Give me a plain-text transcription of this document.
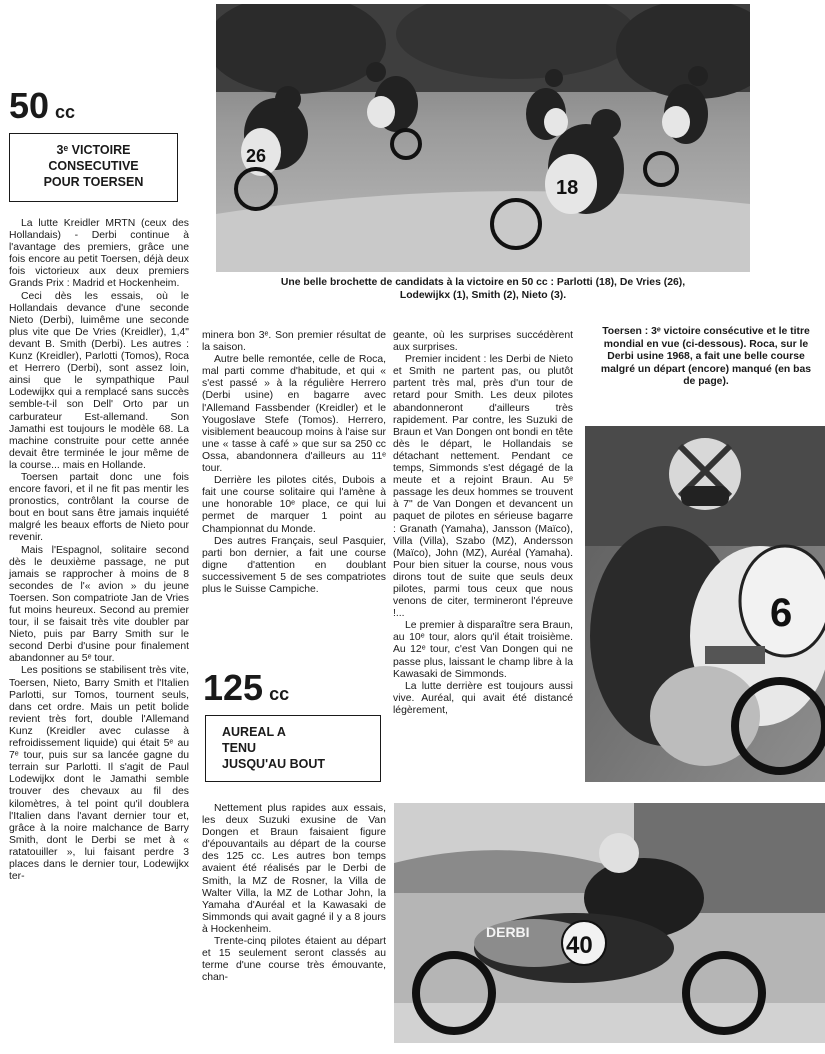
50 cc
3ᵉ VICTOIRE
CONSECUTIVE
POUR TOERSEN

La lutte Kreidler MRTN (ceux des Hollandais) - Derbi continue à l'avantage des premiers, grâce une fois encore au petit Toersen, déjà deux fois victorieux aux deux premiers Grands Prix : Madrid et Hockenheim.

Ceci dès les essais, où le Hollandais devance d'une seconde Nieto (Derbi), luimême une seconde plus vite que De Vries (Kreidler), 1,4" devant B. Smith (Derbi). Les autres : Kunz (Kreidler), Parlotti (Tomos), Roca et Herrero (Derbi), sont assez loin, ainsi que le sympathique Paul Lodewijkx qui a remplacé sans succès semble-t-il son Dell' Orto par un carburateur Est-allemand. Son Jamathi est toujours le modèle 68. La machine construite pour cette année devait être terminée le jour même de la course... mais en Hollande.

Toersen partait donc une fois encore favori, et il ne fit pas mentir les pronostics, contrôlant la course de bout en bout sans être jamais inquiété malgré les beaux efforts de Nieto pour revenir.

Mais l'Espagnol, solitaire second dès le deuxième passage, ne put jamais se rapprocher à moins de 8 secondes de l'« avion » du jeune Toersen. Son compatriote Jan de Vries fut moins heureux. Second au premier tour, il se faisait très vite doubler par Nieto, puis par Barry Smith sur le second Derbi d'usine pour finalement abandonner au 5ᵉ tour.

Les positions se stabilisent très vite, Toersen, Nieto, Barry Smith et l'Italien Parlotti, sur Tomos, tournent seuls, dans cet ordre. Mais un petit bolide revient très fort, double l'Allemand Kunz (Kreidler avec culasse à refroidissement liquide) qui était 5ᵉ au 7ᵉ tour, puis sur sa lancée gagne du terrain sur Parlotti. Il s'agit de Paul Lodewijkx dont le Jamathi semble trouver des chevaux au fil des kilomètres, à tel point qu'il doublera l'Italien dans l'avant dernier tour et, grâce à la noire malchance de Barry Smith, dont le Derbi se met à « ratatouiller », lui faisant perdre 3 places dans le dernier tour, Lodewijkx ter-

26
18
Une belle brochette de candidats à la victoire en 50 cc : Parlotti (18), De Vries (26), Lodewijkx (1), Smith (2), Nieto (3).

minera bon 3ᵉ. Son premier résultat de la saison.

Autre belle remontée, celle de Roca, mal parti comme d'habitude, et qui « s'est passé » à la régulière Herrero (Derbi usine) en bagarre avec l'Allemand Fassbender (Kreidler) et le Yougoslave Stefe (Tomos). Herrero, visiblement beaucoup moins à l'aise sur une « tasse à café » que sur sa 250 cc Ossa, abandonnera d'ailleurs au 11ᵉ tour.

Derrière les pilotes cités, Dubois a fait une course solitaire qui l'amène à une honorable 10ᵉ place, ce qui lui permet de marquer 1 point au Championnat du Monde.

Des autres Français, seul Pasquier, parti bon dernier, a fait une course digne d'attention en doublant successivement 5 de ses compatriotes plus le Suisse Campiche.

125 cc
AUREAL A
TENU
JUSQU'AU BOUT

Nettement plus rapides aux essais, les deux Suzuki exusine de Van Dongen et Braun faisaient figure d'épouvantails au départ de la course des 125 cc. Les autres bon temps avaient été réalisés par le Derbi de Smith, la MZ de Rosner, la Villa de Walter Villa, la MZ de Lothar John, la Yamaha d'Auréal et la Kawasaki de Simmonds qui avait gagné il y a 8 jours à Hockenheim.

Trente-cinq pilotes étaient au départ et 15 seulement seront classés au terme d'une course très émouvante, chan-

geante, où les surprises succédèrent aux surprises.

Premier incident : les Derbi de Nieto et Smith ne partent pas, ou plutôt partent très mal, près d'un tour de retard pour Smith. Les deux pilotes abandonneront d'ailleurs très rapidement. Par contre, les Suzuki de Braun et Van Dongen ont bondi en tête dès le départ, le Hollandais se détachant nettement. Pendant ce temps, Simmonds s'est dégagé de la meute et a rejoint Braun. Au 5ᵉ passage les deux hommes se trouvent à 7" de Van Dongen et devancent un paquet de pilotes en sérieuse bagarre : Granath (Yamaha), Jansson (Maïco), Villa (Villa), Szabo (MZ), Andersson (Maïco), John (MZ), Auréal (Yamaha). Pour bien situer la course, nous vous dirons tout de suite que seuls deux pilotes, parmi tous ceux que nous venons de citer, termineront l'épreuve !...

Le premier à disparaître sera Braun, au 10ᵉ tour, alors qu'il était troisième. Au 12ᵉ tour, c'est Van Dongen qui ne passe plus, laissant le champ libre à la Kawasaki de Simmonds.

La lutte derrière est toujours aussi vive. Auréal, qui avait été distancé légèrement,

Toersen : 3ᵉ victoire consécutive et le titre mondial en vue (ci-dessous). Roca, sur le Derbi usine 1968, a fait une belle course malgré un départ (encore) manqué (en bas de page).
6
40
DERBI
